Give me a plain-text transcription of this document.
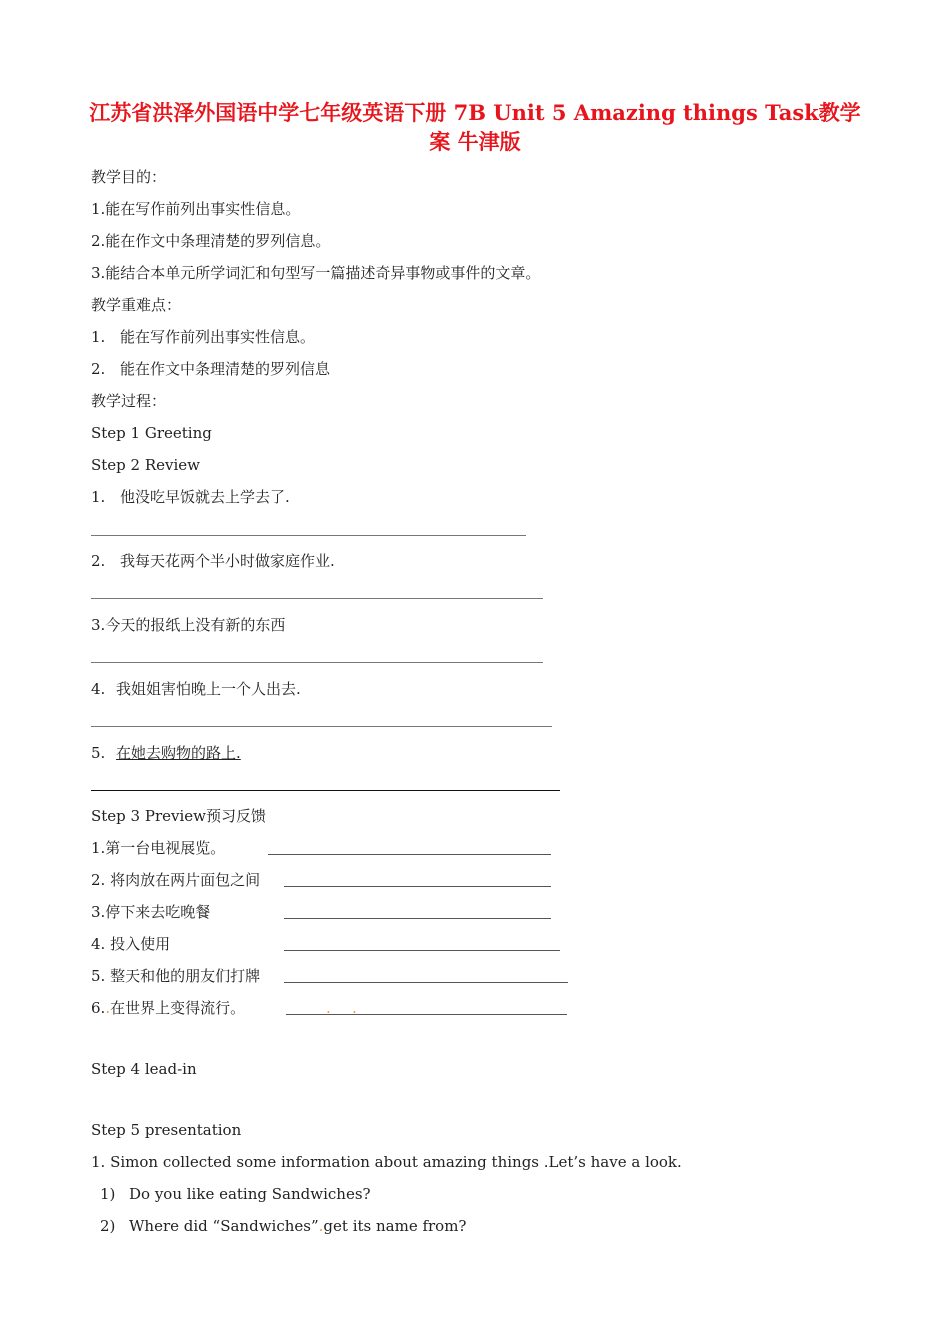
江苏省洪泽外国语中学七年级英语下册 7B Unit 5 Amazing things Task教学案 牛津版
教学目的：
1.能在写作前列出事实性信息。
2.能在作文中条理清楚的罗列信息。
3.能结合本单元所学词汇和句型写一篇描述奇异事物或事件的文章。
教学重难点：
1. 能在写作前列出事实性信息。
2. 能在作文中条理清楚的罗列信息
教学过程：
Step 1 Greeting
Step 2 Review
1. 他没吃早饭就去上学去了.
2. 我每天花两个半小时做家庭作业.
3.今天的报纸上没有新的东西
4. 我姐姐害怕晚上一个人出去.
5. 在她去购物的路上.
Step 3 Preview预习反馈
1.第一台电视展览。
2. 将肉放在两片面包之间
3.停下来去吃晚餐
4. 投入使用
5. 整天和他的朋友们打牌
6..在世界上变得流行。	. .
Step 4 lead-in
Step 5 presentation
1. Simon collected some information about amazing things .Let’s have a look.
1) Do you like eating Sandwiches?
2) Where did “Sandwiches”.get its name from?
